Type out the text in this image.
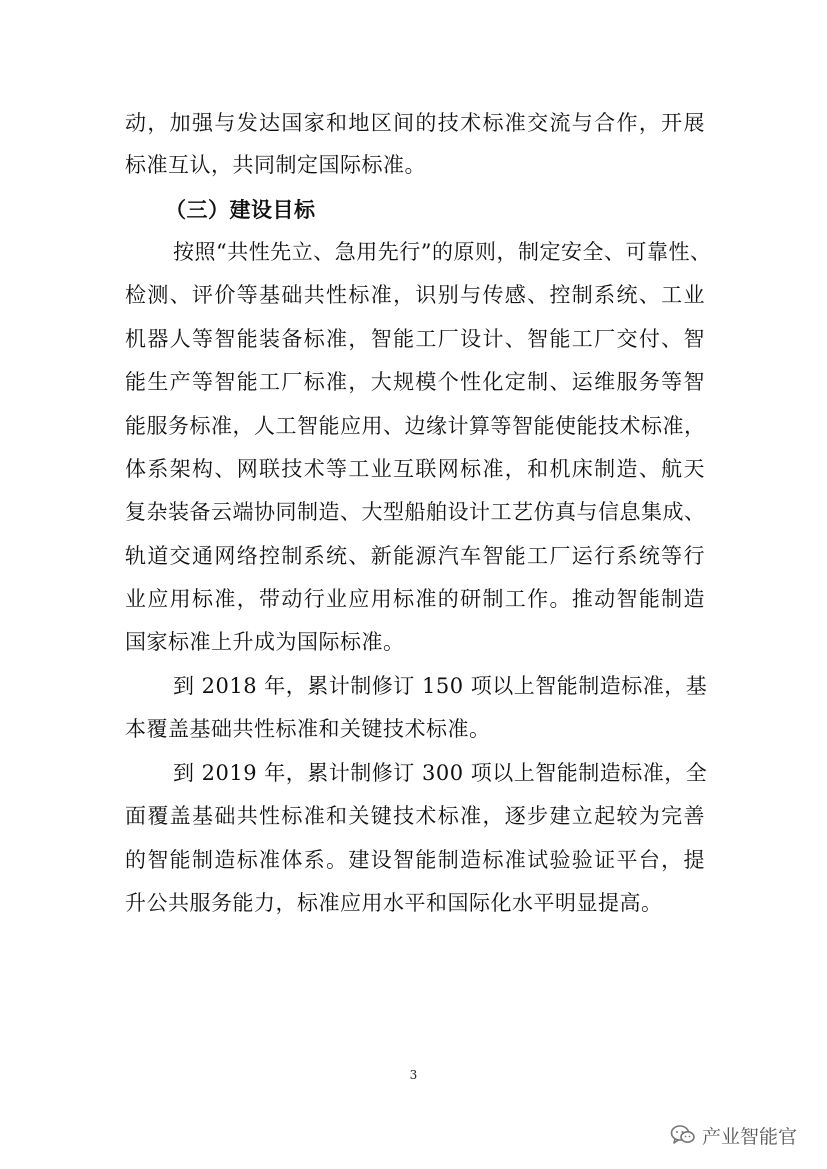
动，加强与发达国家和地区间的技术标准交流与合作，开展
标准互认，共同制定国际标准。
（三）建设目标
按照“共性先立、急用先行”的原则，制定安全、可靠性、
检测、评价等基础共性标准，识别与传感、控制系统、工业
机器人等智能装备标准，智能工厂设计、智能工厂交付、智
能生产等智能工厂标准，大规模个性化定制、运维服务等智
能服务标准，人工智能应用、边缘计算等智能使能技术标准，
体系架构、网联技术等工业互联网标准，和机床制造、航天
复杂装备云端协同制造、大型船舶设计工艺仿真与信息集成、
轨道交通网络控制系统、新能源汽车智能工厂运行系统等行
业应用标准，带动行业应用标准的研制工作。推动智能制造
国家标准上升成为国际标准。
到 2018 年，累计制修订 150 项以上智能制造标准，基
本覆盖基础共性标准和关键技术标准。
到 2019 年，累计制修订 300 项以上智能制造标准，全
面覆盖基础共性标准和关键技术标准，逐步建立起较为完善
的智能制造标准体系。建设智能制造标准试验验证平台，提
升公共服务能力，标准应用水平和国际化水平明显提高。
3
产业智能官
